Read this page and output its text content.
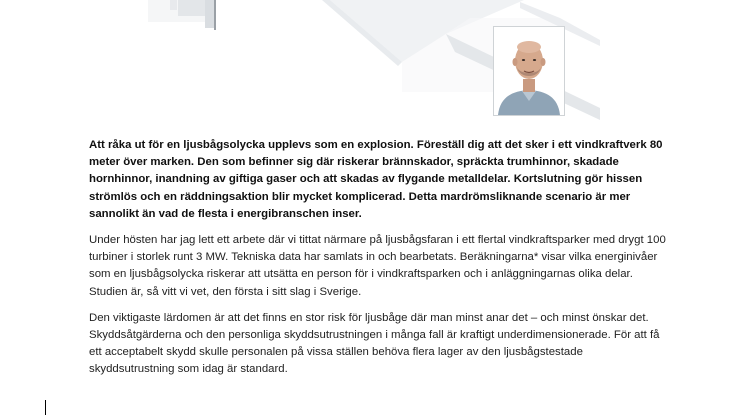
Att råka ut för en ljusbågsolycka upplevs som en explosion. Föreställ dig att det sker i ett vindkraftverk 80 meter över marken. Den som befinner sig där riskerar brännskador, spräckta trumhinnor, skadade hornhinnor, inandning av giftiga gaser och att skadas av flygande metalldelar. Kortslutning gör hissen strömlös och en räddningsaktion blir mycket komplicerad. Detta mardrömsliknande scenario är mer sannolikt än vad de flesta i energibranschen inser.

Under hösten har jag lett ett arbete där vi tittat närmare på ljusbågsfaran i ett flertal vindkraftsparker med drygt 100 turbiner i storlek runt 3 MW. Tekniska data har samlats in och bearbetats. Beräkningarna* visar vilka energinivåer som en ljusbågsolycka riskerar att utsätta en person för i vindkraftsparken och i anläggningarnas olika delar. Studien är, så vitt vi vet, den första i sitt slag i Sverige.

Den viktigaste lärdomen är att det finns en stor risk för ljusbåge där man minst anar det – och minst önskar det. Skyddsåtgärderna och den personliga skyddsutrustningen i många fall är kraftigt underdimensionerade. För att få ett acceptabelt skydd skulle personalen på vissa ställen behöva flera lager av den ljusbågstestade skyddsutrustning som idag är standard.
